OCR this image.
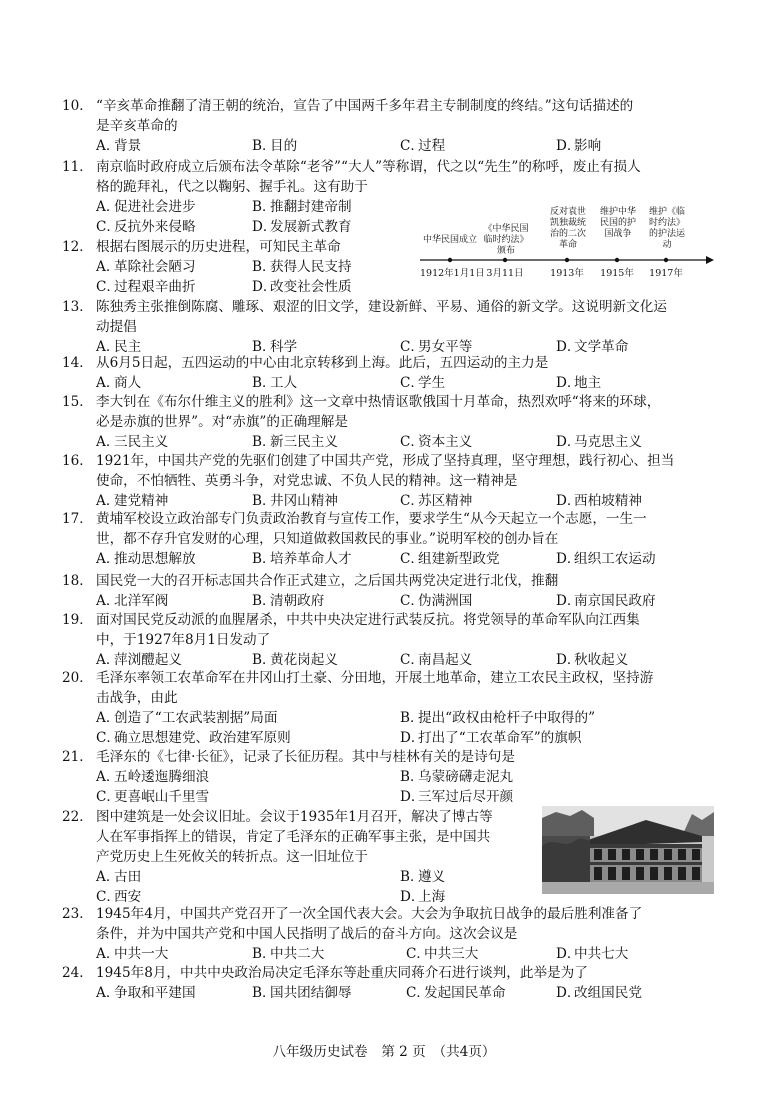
10． “辛亥革命推翻了清王朝的统治，宣告了中国两千多年君主专制制度的终结。”这句话描述的
是辛亥革命的
A．背景	B．目的	C．过程	D．影响
11． 南京临时政府成立后颁布法令革除“老爷”“大人”等称谓，代之以“先生”的称呼，废止有损人
格的跪拜礼，代之以鞠躬、握手礼。这有助于
A．促进社会进步	B．推翻封建帝制
C．反抗外来侵略	D．发展新式教育
12． 根据右图展示的历史进程，可知民主革命
A．革除社会陋习	B．获得人民支持
C．过程艰辛曲折	D．改变社会性质
中华民国成立
《中华民国临时约法》颁布
反对袁世凯独裁统治的二次革命
维护中华民国的护国战争
维护《临时约法》的护法运动
1912年1月1日 3月11日	1913年	1915年	1917年
13． 陈独秀主张推倒陈腐、雕琢、艰涩的旧文学，建设新鲜、平易、通俗的新文学。这说明新文化运
动提倡
A．民主	B．科学	C．男女平等	D．文学革命
14． 从6月5日起，五四运动的中心由北京转移到上海。此后，五四运动的主力是
A．商人	B．工人	C．学生	D．地主
15． 李大钊在《布尔什维主义的胜利》这一文章中热情讴歌俄国十月革命，热烈欢呼“将来的环球，
必是赤旗的世界”。对“赤旗”的正确理解是
A．三民主义	B．新三民主义	C．资本主义	D．马克思主义
16． 1921年，中国共产党的先驱们创建了中国共产党，形成了坚持真理，坚守理想，践行初心、担当
使命，不怕牺牲、英勇斗争，对党忠诚、不负人民的精神。这一精神是
A．建党精神	B．井冈山精神	C．苏区精神	D．西柏坡精神
17． 黄埔军校设立政治部专门负责政治教育与宣传工作，要求学生“从今天起立一个志愿，一生一
世，都不存升官发财的心理，只知道做救国救民的事业。”说明军校的创办旨在
A．推动思想解放	B．培养革命人才	C．组建新型政党	D．组织工农运动
18． 国民党一大的召开标志国共合作正式建立，之后国共两党决定进行北伐，推翻
A．北洋军阀	B．清朝政府	C．伪满洲国	D．南京国民政府
19． 面对国民党反动派的血腥屠杀，中共中央决定进行武装反抗。将党领导的革命军队向江西集
中，于1927年8月1日发动了
A．萍浏醴起义	B．黄花岗起义	C．南昌起义	D．秋收起义
20． 毛泽东率领工农革命军在井冈山打土豪、分田地，开展土地革命，建立工农民主政权，坚持游
击战争，由此
A．创造了“工农武装割据”局面	B．提出“政权由枪杆子中取得的”
C．确立思想建党、政治建军原则	D．打出了“工农革命军”的旗帜
21． 毛泽东的《七律·长征》，记录了长征历程。其中与桂林有关的是诗句是
A．五岭逶迤腾细浪	B．乌蒙磅礴走泥丸
C．更喜岷山千里雪	D．三军过后尽开颜
22． 图中建筑是一处会议旧址。会议于1935年1月召开，解决了博古等
人在军事指挥上的错误，肯定了毛泽东的正确军事主张，是中国共
产党历史上生死攸关的转折点。这一旧址位于
A．古田	B．遵义
C．西安	D．上海
23． 1945年4月，中国共产党召开了一次全国代表大会。大会为争取抗日战争的最后胜利准备了
条件，并为中国共产党和中国人民指明了战后的奋斗方向。这次会议是
A．中共一大	B．中共二大	C．中共三大	D．中共七大
24． 1945年8月，中共中央政治局决定毛泽东等赴重庆同蒋介石进行谈判，此举是为了
A．争取和平建国	B．国共团结御辱	C．发起国民革命	D．改组国民党
八年级历史试卷　第 2 页　（共4页）
